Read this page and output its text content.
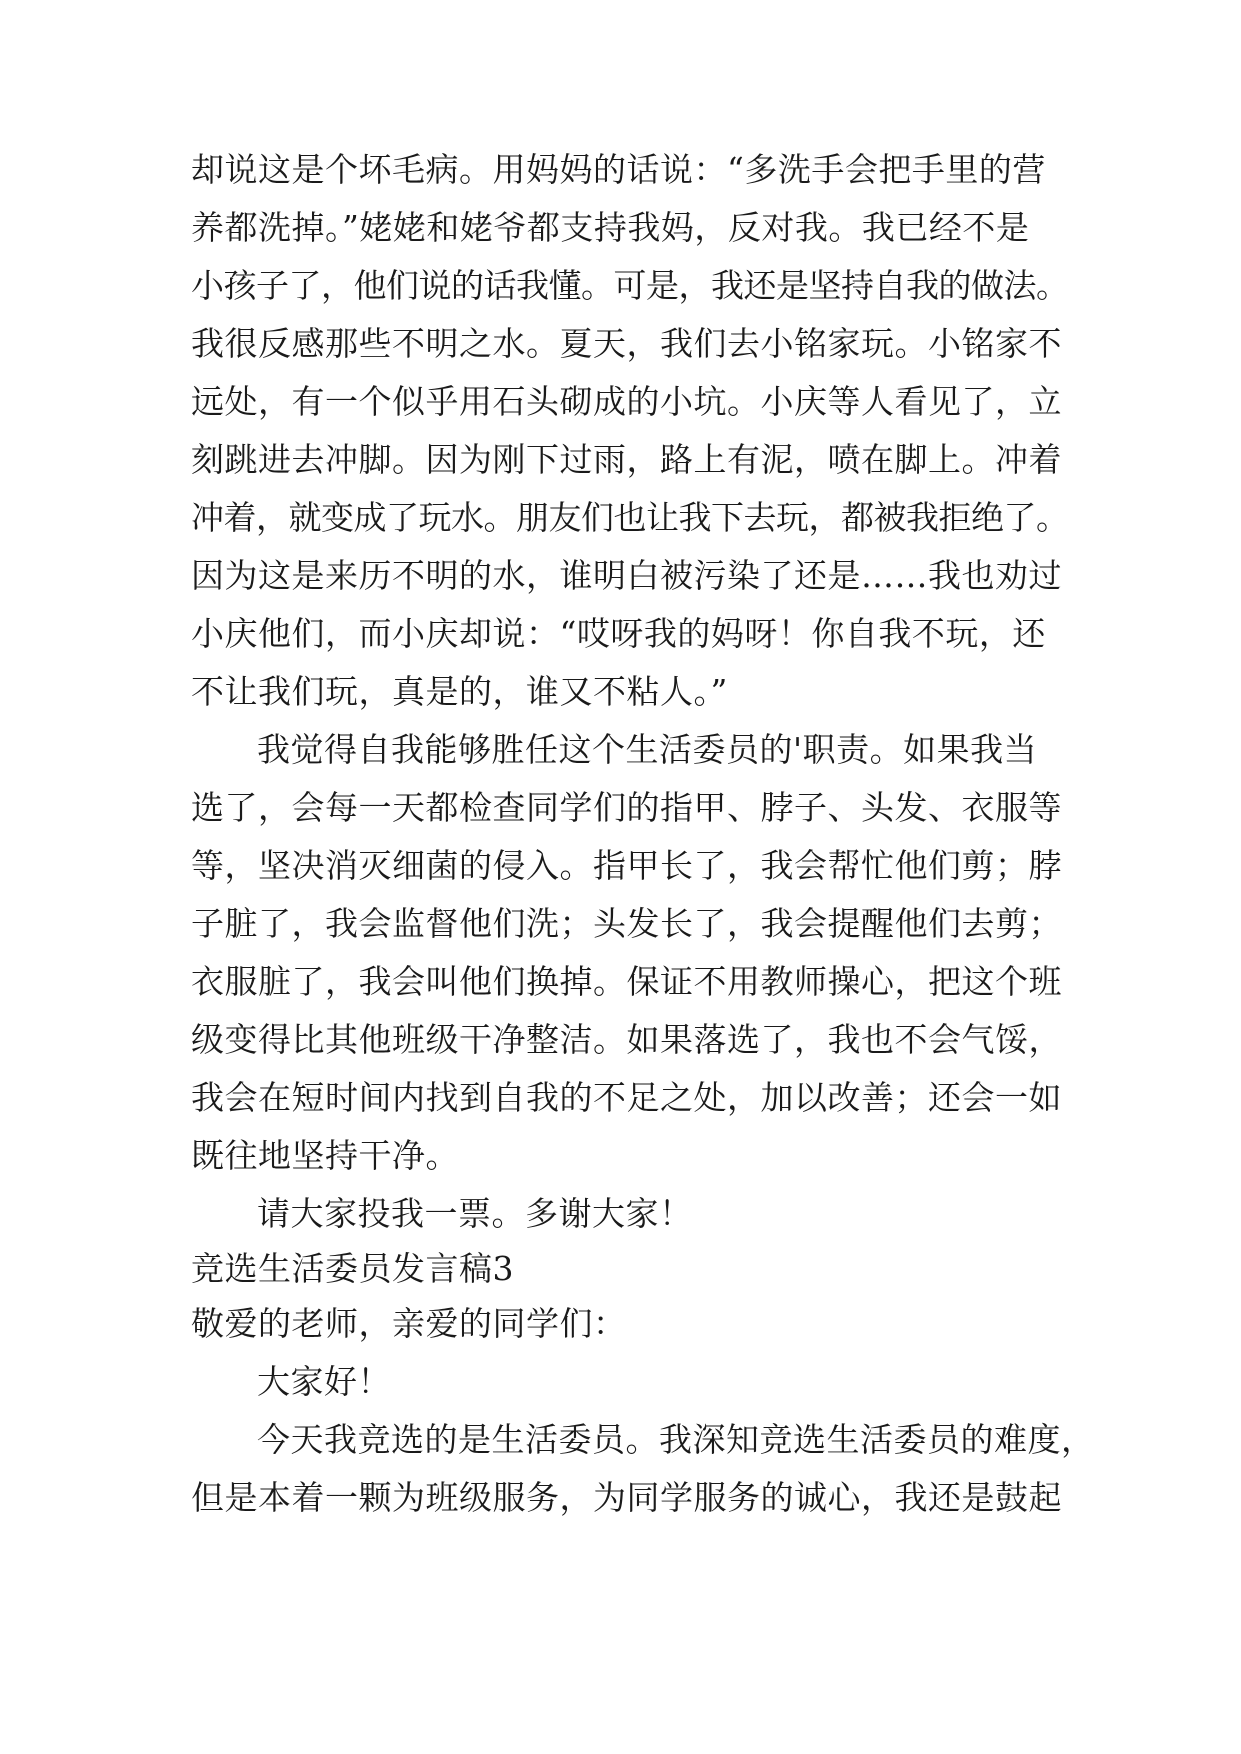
却说这是个坏毛病。用妈妈的话说：“多洗手会把手里的营
养都洗掉。”姥姥和姥爷都支持我妈，反对我。我已经不是
小孩子了，他们说的话我懂。可是，我还是坚持自我的做法。
我很反感那些不明之水。夏天，我们去小铭家玩。小铭家不
远处，有一个似乎用石头砌成的小坑。小庆等人看见了，立
刻跳进去冲脚。因为刚下过雨，路上有泥，喷在脚上。冲着
冲着，就变成了玩水。朋友们也让我下去玩，都被我拒绝了。
因为这是来历不明的水，谁明白被污染了还是……我也劝过
小庆他们，而小庆却说：“哎呀我的妈呀！你自我不玩，还
不让我们玩，真是的，谁又不粘人。”
我觉得自我能够胜任这个生活委员的'职责。如果我当
选了，会每一天都检查同学们的指甲、脖子、头发、衣服等
等，坚决消灭细菌的侵入。指甲长了，我会帮忙他们剪；脖
子脏了，我会监督他们洗；头发长了，我会提醒他们去剪；
衣服脏了，我会叫他们换掉。保证不用教师操心，把这个班
级变得比其他班级干净整洁。如果落选了，我也不会气馁，
我会在短时间内找到自我的不足之处，加以改善；还会一如
既往地坚持干净。
请大家投我一票。多谢大家！
竞选生活委员发言稿3
敬爱的老师，亲爱的同学们：
大家好！
今天我竞选的是生活委员。我深知竞选生活委员的难度，
但是本着一颗为班级服务，为同学服务的诚心，我还是鼓起
